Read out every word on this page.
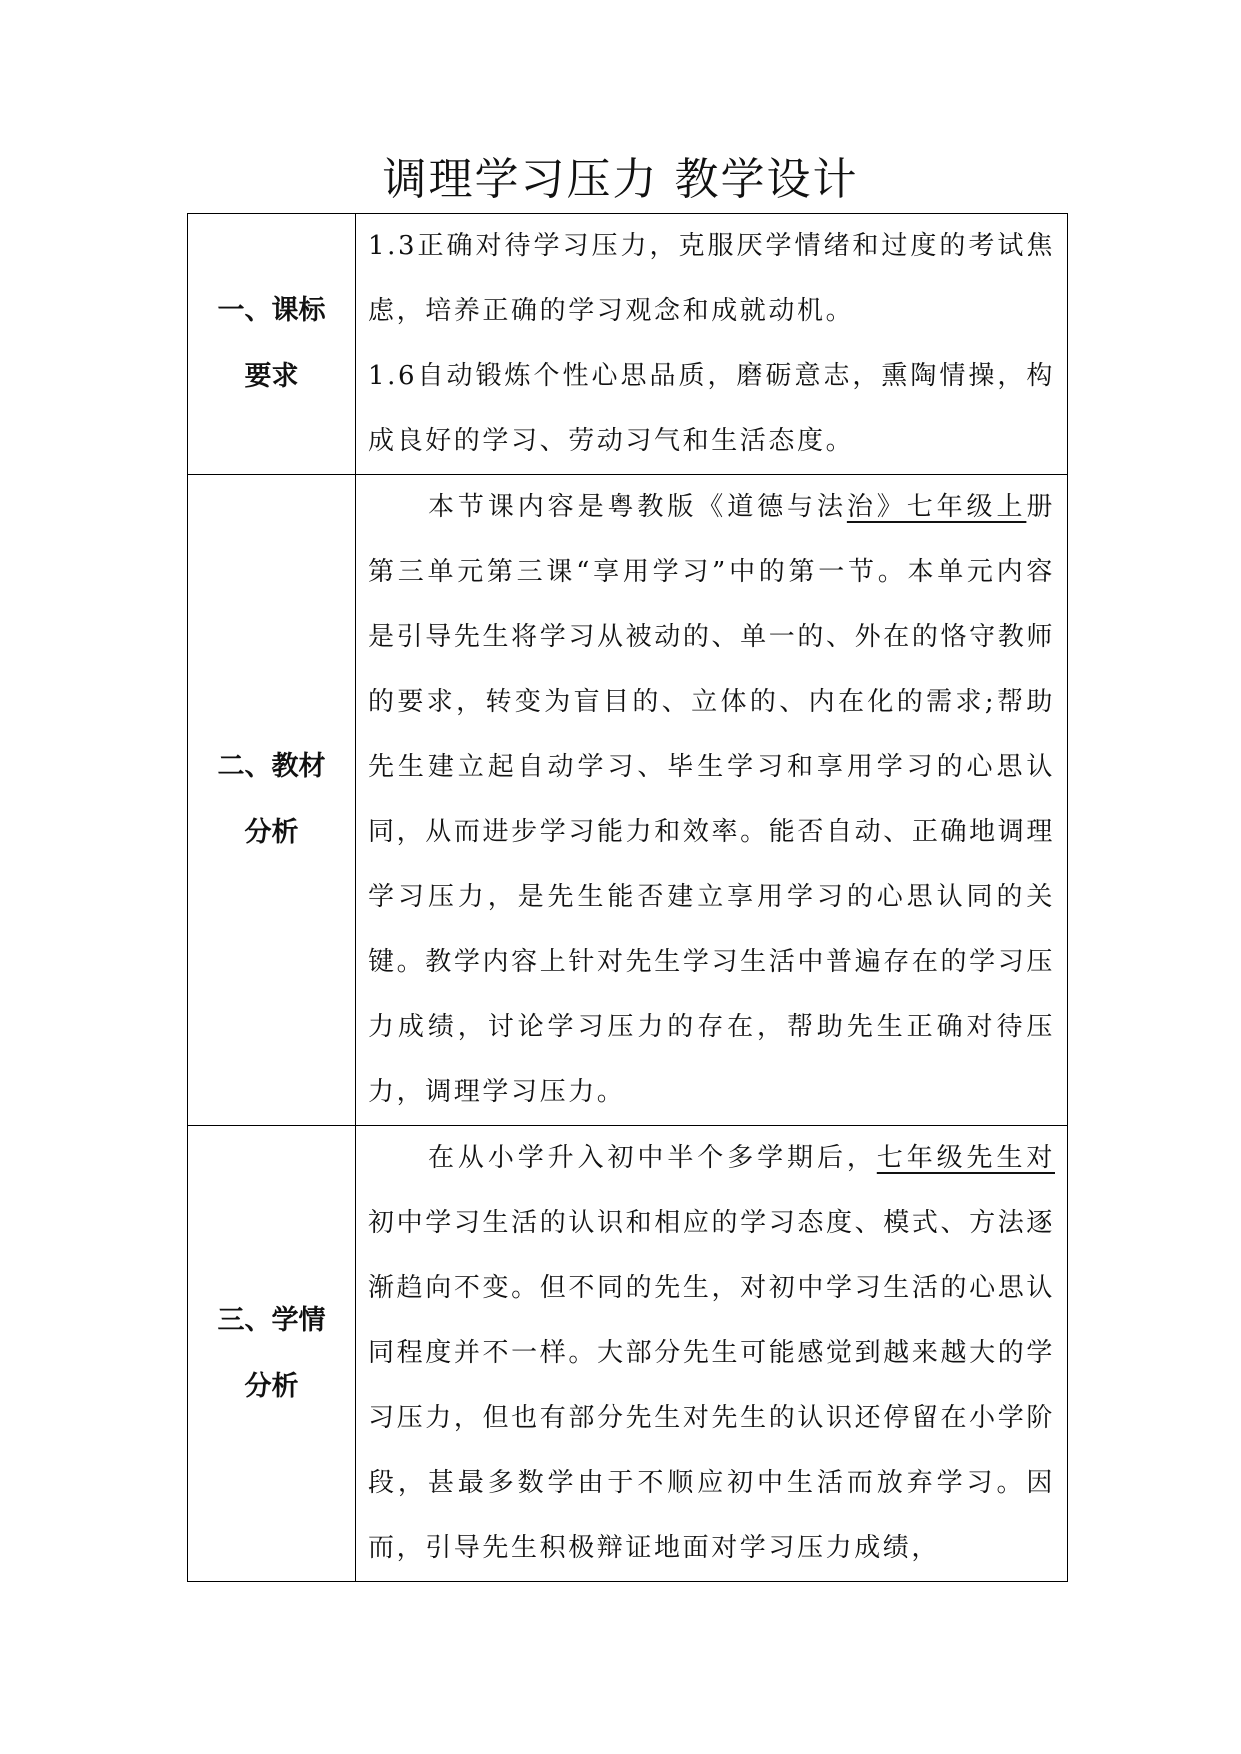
调理学习压力 教学设计
一、课标
要求	1.3正确对待学习压力，克服厌学情绪和过度的考试焦虑，培养正确的学习观念和成就动机。
1.6自动锻炼个性心思品质，磨砺意志，熏陶情操，构成良好的学习、劳动习气和生活态度。

二、教材
分析	本节课内容是粤教版《道德与法治》七年级上册第三单元第三课“享用学习”中的第一节。本单元内容是引导先生将学习从被动的、单一的、外在的恪守教师的要求，转变为盲目的、立体的、内在化的需求;帮助先生建立起自动学习、毕生学习和享用学习的心思认同，从而进步学习能力和效率。能否自动、正确地调理学习压力，是先生能否建立享用学习的心思认同的关键。教学内容上针对先生学习生活中普遍存在的学习压力成绩，讨论学习压力的存在，帮助先生正确对待压力，调理学习压力。

三、学情
分析	在从小学升入初中半个多学期后，七年级先生对初中学习生活的认识和相应的学习态度、模式、方法逐渐趋向不变。但不同的先生，对初中学习生活的心思认同程度并不一样。大部分先生可能感觉到越来越大的学习压力，但也有部分先生对先生的认识还停留在小学阶段，甚最多数学由于不顺应初中生活而放弃学习。因而，引导先生积极辩证地面对学习压力成绩，
